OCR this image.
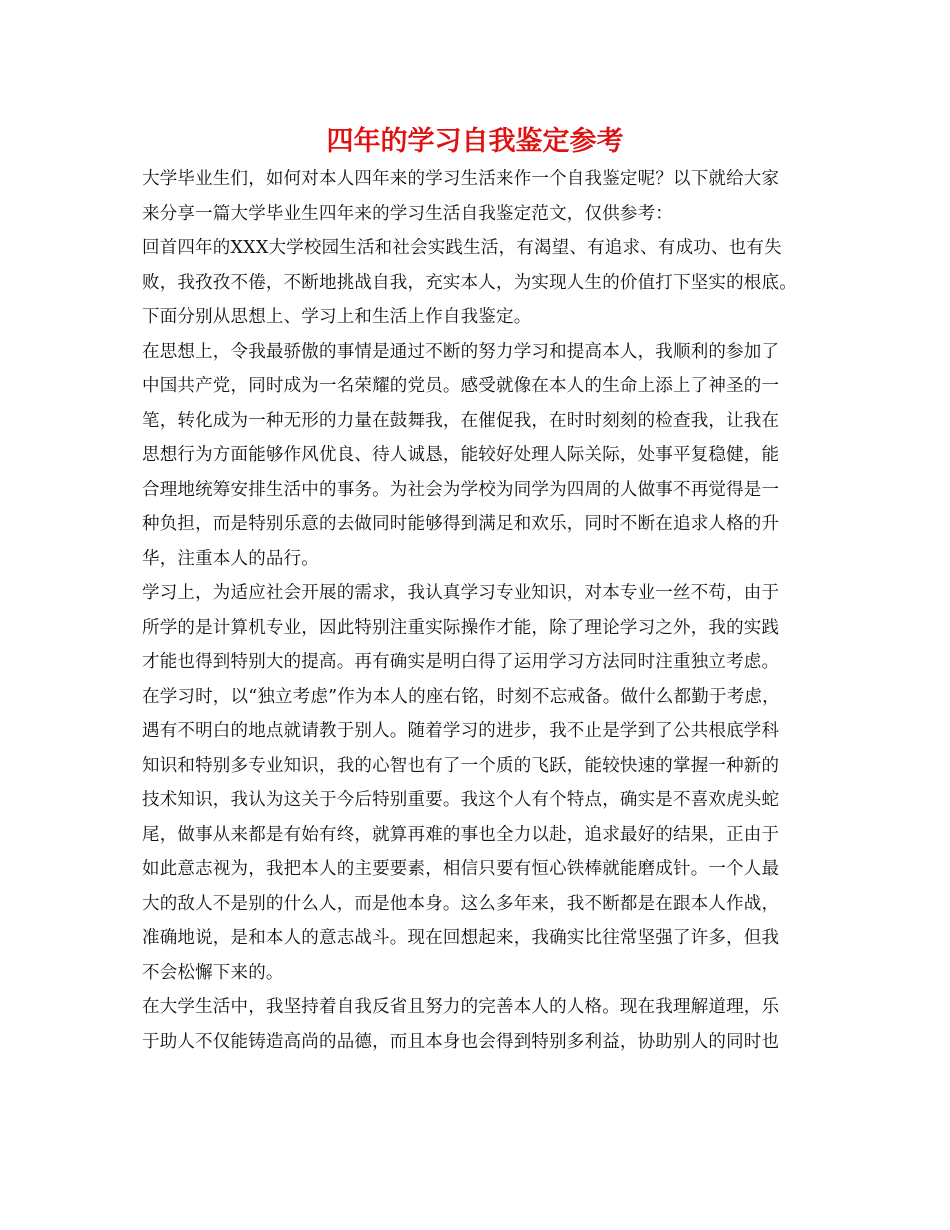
四年的学习自我鉴定参考
大学毕业生们，如何对本人四年来的学习生活来作一个自我鉴定呢？以下就给大家
来分享一篇大学毕业生四年来的学习生活自我鉴定范文，仅供参考：
回首四年的XXX大学校园生活和社会实践生活，有渴望、有追求、有成功、也有失
败，我孜孜不倦，不断地挑战自我，充实本人，为实现人生的价值打下坚实的根底。
下面分别从思想上、学习上和生活上作自我鉴定。
在思想上，令我最骄傲的事情是通过不断的努力学习和提高本人，我顺利的参加了
中国共产党，同时成为一名荣耀的党员。感受就像在本人的生命上添上了神圣的一
笔，转化成为一种无形的力量在鼓舞我，在催促我，在时时刻刻的检查我，让我在
思想行为方面能够作风优良、待人诚恳，能较好处理人际关际，处事平复稳健，能
合理地统筹安排生活中的事务。为社会为学校为同学为四周的人做事不再觉得是一
种负担，而是特别乐意的去做同时能够得到满足和欢乐，同时不断在追求人格的升
华，注重本人的品行。
学习上，为适应社会开展的需求，我认真学习专业知识，对本专业一丝不苟，由于
所学的是计算机专业，因此特别注重实际操作才能，除了理论学习之外，我的实践
才能也得到特别大的提高。再有确实是明白得了运用学习方法同时注重独立考虑。
在学习时，以“独立考虑”作为本人的座右铭，时刻不忘戒备。做什么都勤于考虑，
遇有不明白的地点就请教于别人。随着学习的进步，我不止是学到了公共根底学科
知识和特别多专业知识，我的心智也有了一个质的飞跃，能较快速的掌握一种新的
技术知识，我认为这关于今后特别重要。我这个人有个特点，确实是不喜欢虎头蛇
尾，做事从来都是有始有终，就算再难的事也全力以赴，追求最好的结果，正由于
如此意志视为，我把本人的主要要素，相信只要有恒心铁棒就能磨成针。一个人最
大的敌人不是别的什么人，而是他本身。这么多年来，我不断都是在跟本人作战，
准确地说，是和本人的意志战斗。现在回想起来，我确实比往常坚强了许多，但我
不会松懈下来的。
在大学生活中，我坚持着自我反省且努力的完善本人的人格。现在我理解道理，乐
于助人不仅能铸造高尚的品德，而且本身也会得到特别多利益，协助别人的同时也
